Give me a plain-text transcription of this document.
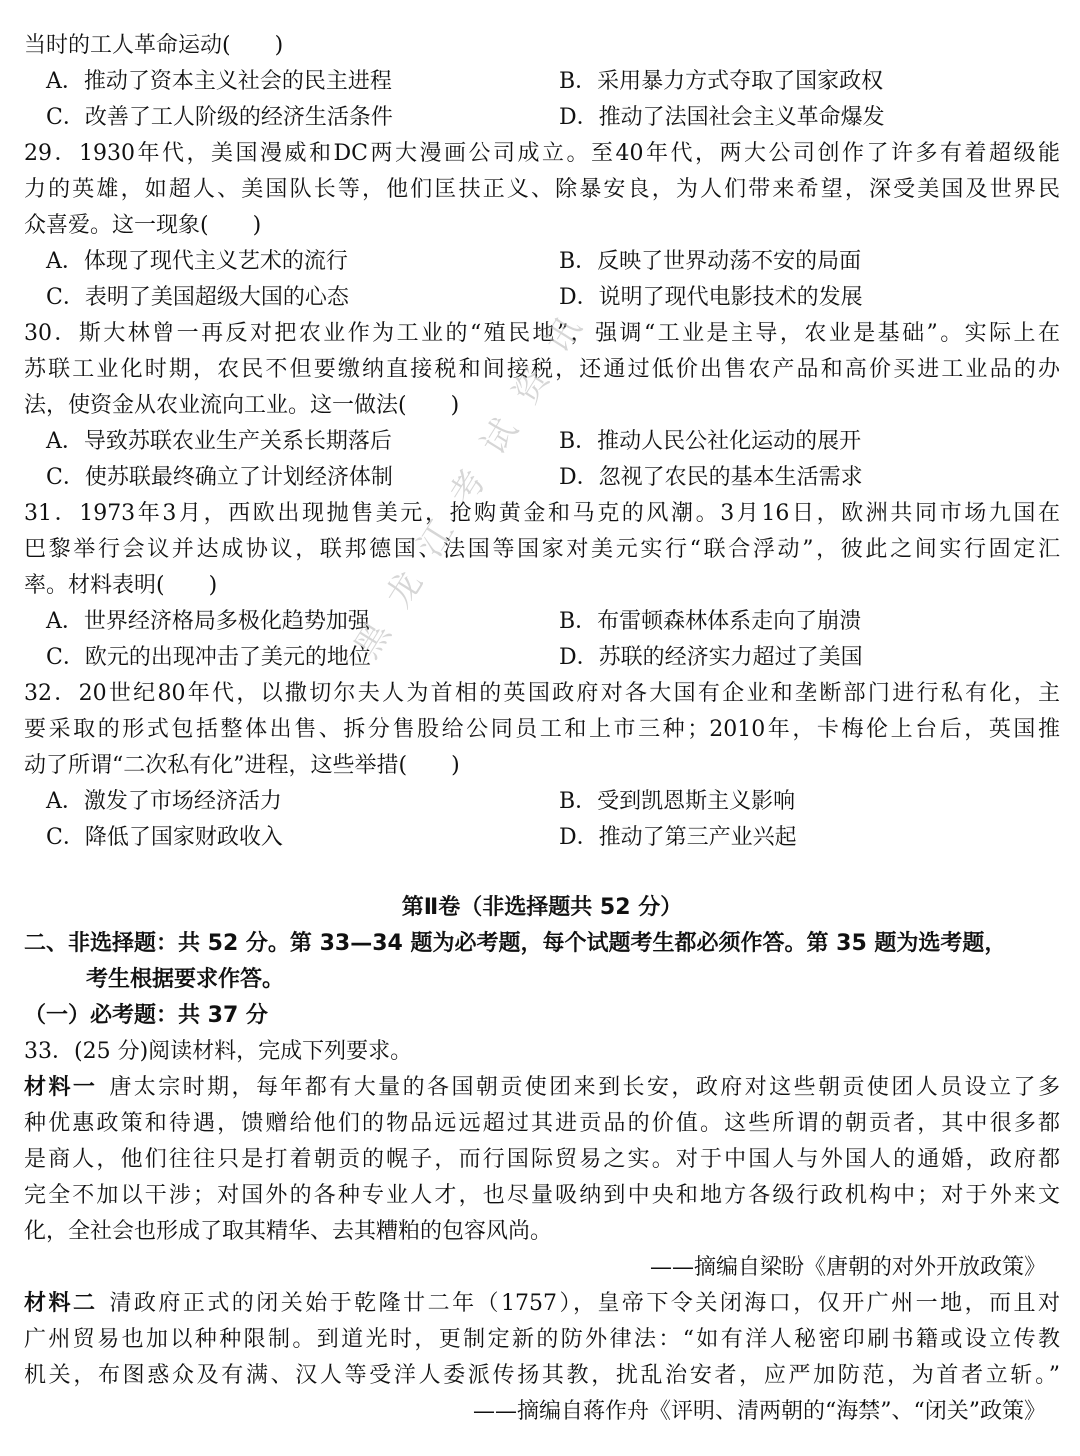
当时的工人革命运动(　　)
A．推动了资本主义社会的民主进程	B．采用暴力方式夺取了国家政权
C．改善了工人阶级的经济生活条件	D．推动了法国社会主义革命爆发
29．1930年代，美国漫威和DC两大漫画公司成立。至40年代，两大公司创作了许多有着超级能
力的英雄，如超人、美国队长等，他们匡扶正义、除暴安良，为人们带来希望，深受美国及世界民
众喜爱。这一现象(　　)
A．体现了现代主义艺术的流行	B．反映了世界动荡不安的局面
C．表明了美国超级大国的心态	D．说明了现代电影技术的发展
30．斯大林曾一再反对把农业作为工业的“殖民地”，强调“工业是主导，农业是基础”。实际上在
苏联工业化时期，农民不但要缴纳直接税和间接税，还通过低价出售农产品和高价买进工业品的办
法，使资金从农业流向工业。这一做法(　　)
A．导致苏联农业生产关系长期落后	B．推动人民公社化运动的展开
C．使苏联最终确立了计划经济体制	D．忽视了农民的基本生活需求
31．1973年3月，西欧出现抛售美元，抢购黄金和马克的风潮。3月16日，欧洲共同市场九国在
巴黎举行会议并达成协议，联邦德国、法国等国家对美元实行“联合浮动”，彼此之间实行固定汇
率。材料表明(　　)
A．世界经济格局多极化趋势加强	B．布雷顿森林体系走向了崩溃
C．欧元的出现冲击了美元的地位	D．苏联的经济实力超过了美国
32．20世纪80年代，以撒切尔夫人为首相的英国政府对各大国有企业和垄断部门进行私有化，主
要采取的形式包括整体出售、拆分售股给公同员工和上市三种；2010年，卡梅伦上台后，英国推
动了所谓“二次私有化”进程，这些举措(　　)
A．激发了市场经济活力	B．受到凯恩斯主义影响
C．降低了国家财政收入	D．推动了第三产业兴起
第Ⅱ卷（非选择题共 52 分）
二、非选择题：共 52 分。第 33—34 题为必考题，每个试题考生都必须作答。第 35 题为选考题，
考生根据要求作答。
（一）必考题：共 37 分
33．(25 分)阅读材料，完成下列要求。
材料一 唐太宗时期，每年都有大量的各国朝贡使团来到长安，政府对这些朝贡使团人员设立了多
种优惠政策和待遇，馈赠给他们的物品远远超过其进贡品的价值。这些所谓的朝贡者，其中很多都
是商人，他们往往只是打着朝贡的幌子，而行国际贸易之实。对于中国人与外国人的通婚，政府都
完全不加以干涉；对国外的各种专业人才，也尽量吸纳到中央和地方各级行政机构中；对于外来文
化，全社会也形成了取其精华、去其糟粕的包容风尚。
——摘编自梁盼《唐朝的对外开放政策》
材料二 清政府正式的闭关始于乾隆廿二年（1757），皇帝下令关闭海口，仅开广州一地，而且对
广州贸易也加以种种限制。到道光时，更制定新的防外律法：“如有洋人秘密印刷书籍或设立传教
机关，布图惑众及有满、汉人等受洋人委派传扬其教，扰乱治安者，应严加防范，为首者立斩。”
——摘编自蒋作舟《评明、清两朝的“海禁”、“闭关”政策》
黑龙江考试资讯
